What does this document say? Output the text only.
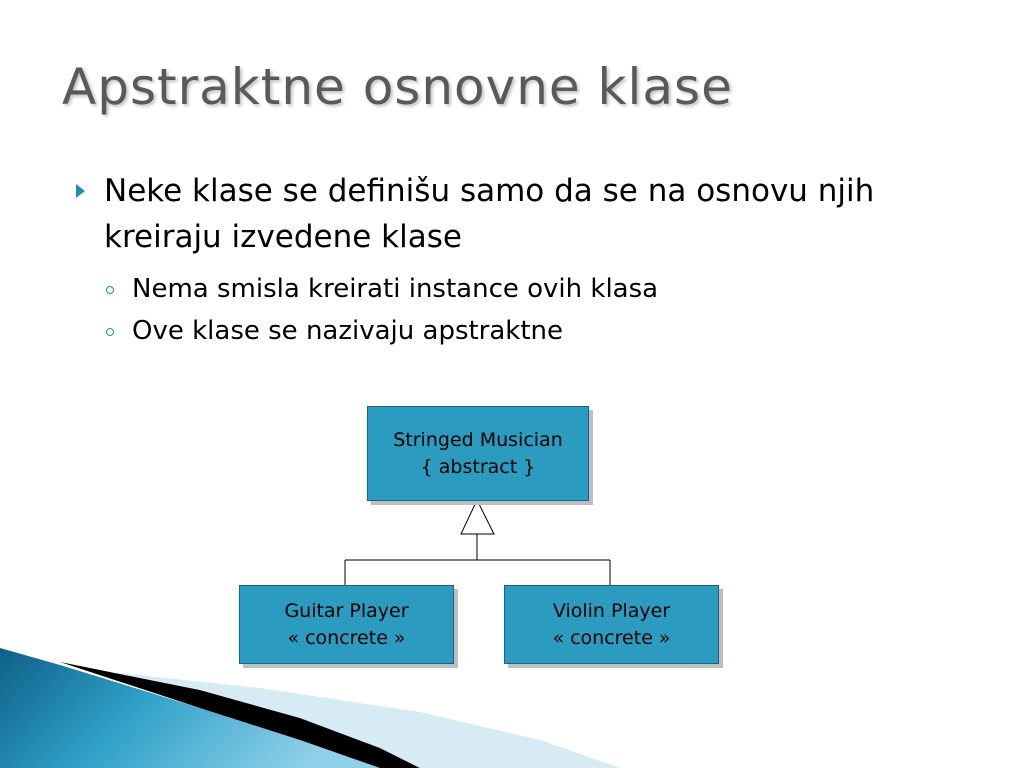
Apstraktne osnovne klase
Neke klase se definišu samo da se na osnovu njih kreiraju izvedene klase
Nema smisla kreirati instance ovih klasa
Ove klase se nazivaju apstraktne
Stringed Musician
{ abstract }
Guitar Player
« concrete »
Violin Player
« concrete »
